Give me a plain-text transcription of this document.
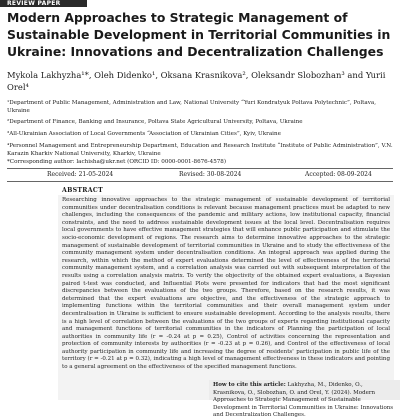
REVIEW PAPER
Modern Approaches to Strategic Management of Sustainable Development in Territorial Communities in Ukraine: Innovations and Decentralization Challenges
Mykola Lakhyzha¹*, Oleh Didenko¹, Oksana Krasnikova², Oleksandr Slobozhan³ and Yurii Orel⁴
¹Department of Public Management, Administration and Law, National University “Yuri Kondratyuk Poltava Polytechnic”, Poltava, Ukraine
²Department of Finance, Banking and Insurance, Poltava State Agricultural University, Poltava, Ukraine
³All-Ukrainian Association of Local Governments “Association of Ukrainian Cities”, Kyiv, Ukraine
⁴Personnel Management and Entrepreneurship Department, Education and Research Institute “Institute of Public Administration”, V.N. Karazin Kharkiv National University, Kharkiv, Ukraine
*Corresponding author: lachisha@ukr.net (ORCID ID: 0000-0001-8676-4578)
Received: 21-05-2024	Revised: 30-08-2024	Accepted: 08-09-2024
ABSTRACT
Researching innovative approaches to the strategic management of sustainable development of territorial communities under decentralisation conditions is relevant because management practices must be adapted to new challenges, including the consequences of the pandemic and military actions, low institutional capacity, financial constraints, and the need to address sustainable development issues at the local level. Decentralisation requires local governments to have effective management strategies that will enhance public participation and stimulate the socio-economic development of regions. The research aims to determine innovative approaches to the strategic management of sustainable development of territorial communities in Ukraine and to study the effectiveness of the community management system under decentralisation conditions. An integral approach was applied during the research, within which the method of expert evaluations determined the level of effectiveness of the territorial community management system, and a correlation analysis was carried out with subsequent interpretation of the results using a correlation analysis matrix. To verify the objectivity of the obtained expert evaluations, a Bayesian paired t-test was conducted, and Influential Plots were presented for indicators that had the most significant discrepancies between the evaluations of the two groups. Therefore, based on the research results, it was determined that the expert evaluations are objective, and the effectiveness of the strategic approach to implementing functions within the territorial communities and their overall management system under decentralisation in Ukraine is sufficient to ensure sustainable development. According to the analysis results, there is a high level of correlation between the evaluations of the two groups of experts regarding institutional capacity and management functions of territorial communities in the indicators of Planning the participation of local authorities in community life (r = -0.24 at p = 0.25), Control of activities concerning the representation and protection of community interests by authorities (r = -0.23 at p = 0.26), and Control of the effectiveness of local authority participation in community life and increasing the degree of residents' participation in public life of the territory (r = -0.21 at p = 0.32), indicating a high level of management effectiveness in these indicators and pointing to a general agreement on the effectiveness of the specified management functions.
How to cite this article: Lakhyzha, M., Didenko, O., Krasnikova, O., Slobozhan, O. and Orel, Y. (2024). Modern Approaches to Strategic Management of Sustainable Development in Territorial Communities in Ukraine: Innovations and Decentralization Challenges.
